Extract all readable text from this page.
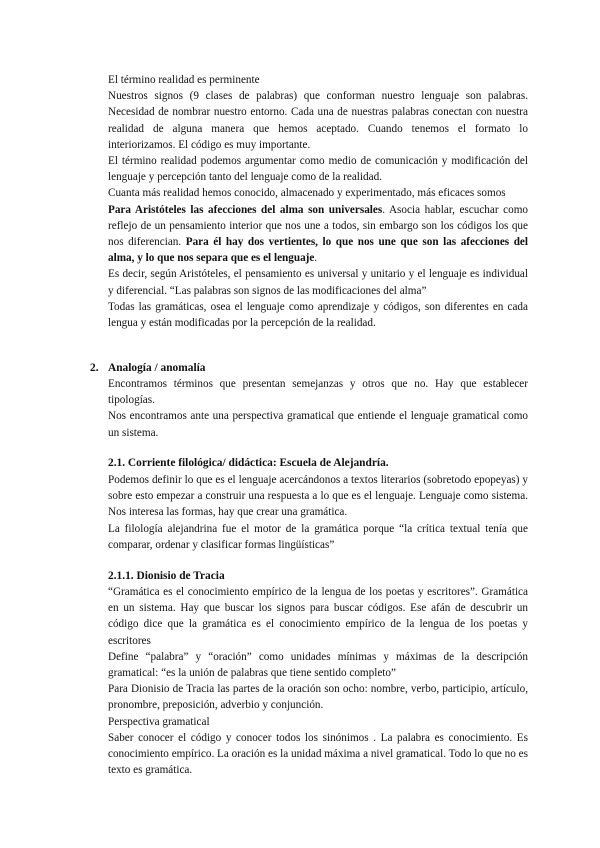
El término realidad es perminente

Nuestros signos (9 clases de palabras) que conforman nuestro lenguaje son palabras. Necesidad de nombrar nuestro entorno. Cada una de nuestras palabras conectan con nuestra realidad de alguna manera que hemos aceptado. Cuando tenemos el formato lo interiorizamos. El código es muy importante.

El término realidad podemos argumentar como medio de comunicación y modificación del lenguaje y percepción tanto del lenguaje como de la realidad.

Cuanta más realidad hemos conocido, almacenado y experimentado, más eficaces somos

Para Aristóteles las afecciones del alma son universales. Asocia hablar, escuchar como reflejo de un pensamiento interior que nos une a todos, sin embargo son los códigos los que nos diferencian. Para él hay dos vertientes, lo que nos une que son las afecciones del alma, y lo que nos separa que es el lenguaje.

Es decir, según Aristóteles, el pensamiento es universal y unitario y el lenguaje es individual y diferencial. “Las palabras son signos de las modificaciones del alma”

Todas las gramáticas, osea el lenguaje como aprendizaje y códigos, son diferentes en cada lengua y están modificadas por la percepción de la realidad.

2. Analogía / anomalía

Encontramos términos que presentan semejanzas y otros que no. Hay que establecer tipologías.

Nos encontramos ante una perspectiva gramatical que entiende el lenguaje gramatical como un sistema.

2.1. Corriente filológica/ didáctica: Escuela de Alejandría.

Podemos definir lo que es el lenguaje acercándonos a textos literarios (sobretodo epopeyas) y sobre esto empezar a construir una respuesta a lo que es el lenguaje. Lenguaje como sistema. Nos interesa las formas, hay que crear una gramática.

La filología alejandrina fue el motor de la gramática porque “la crítica textual tenía que comparar, ordenar y clasificar formas lingüísticas”

2.1.1. Dionisio de Tracia

“Gramática es el conocimiento empírico de la lengua de los poetas y escritores”. Gramática en un sistema. Hay que buscar los signos para buscar códigos. Ese afán de descubrir un código dice que la gramática es el conocimiento empírico de la lengua de los poetas y escritores

Define “palabra” y “oración” como unidades mínimas y máximas de la descripción gramatical: “es la unión de palabras que tiene sentido completo”

Para Dionisio de Tracia las partes de la oración son ocho: nombre, verbo, participio, artículo, pronombre, preposición, adverbio y conjunción.

Perspectiva gramatical

Saber conocer el código y conocer todos los sinónimos . La palabra es conocimiento. Es conocimiento empírico. La oración es la unidad máxima a nivel gramatical. Todo lo que no es texto es gramática.
